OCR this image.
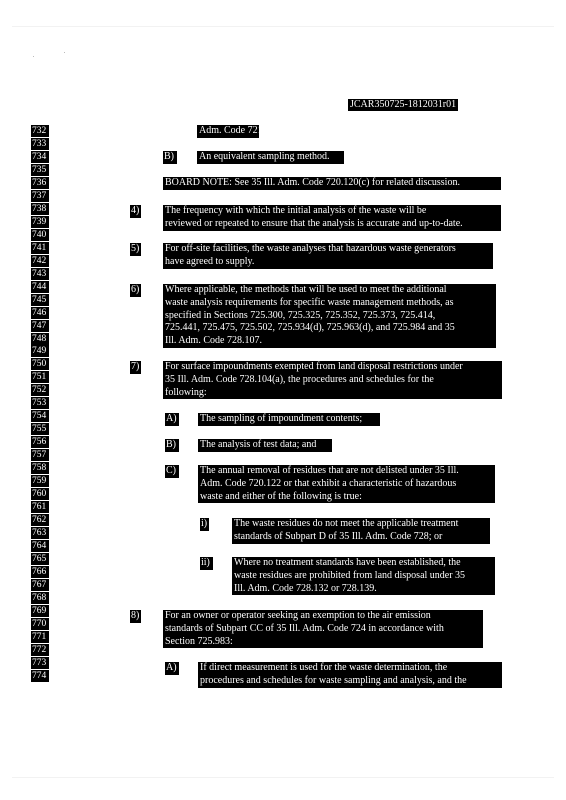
JCAR350725-1812031r01
732
733
734
735
736
737
738
739
740
741
742
743
744
745
746
747
748
749
750
751
752
753
754
755
756
757
758
759
760
761
762
763
764
765
766
767
768
769
770
771
772
773
774
Adm. Code 721; or
B)	An equivalent sampling method.
BOARD NOTE: See 35 Ill. Adm. Code 720.120(c) for related discussion.
4)	The frequency with which the initial analysis of the waste will be
reviewed or repeated to ensure that the analysis is accurate and up-to-date.
5)	For off-site facilities, the waste analyses that hazardous waste generators
have agreed to supply.
6)	Where applicable, the methods that will be used to meet the additional
waste analysis requirements for specific waste management methods, as
specified in Sections 725.300, 725.325, 725.352, 725.373, 725.414,
725.441, 725.475, 725.502, 725.934(d), 725.963(d), and 725.984 and 35
Ill. Adm. Code 728.107.
7)	For surface impoundments exempted from land disposal restrictions under
35 Ill. Adm. Code 728.104(a), the procedures and schedules for the
following:
A) The sampling of impoundment contents;
B)	The analysis of test data; and
C)	The annual removal of residues that are not delisted under 35 Ill.
Adm. Code 720.122 or that exhibit a characteristic of hazardous
waste and either of the following is true:
i)	The waste residues do not meet the applicable treatment
standards of Subpart D of 35 Ill. Adm. Code 728; or
ii)	Where no treatment standards have been established, the
waste residues are prohibited from land disposal under 35
Ill. Adm. Code 728.132 or 728.139.
8)	For an owner or operator seeking an exemption to the air emission
standards of Subpart CC of 35 Ill. Adm. Code 724 in accordance with
Section 725.983:
A) If direct measurement is used for the waste determination, the
procedures and schedules for waste sampling and analysis, and the
